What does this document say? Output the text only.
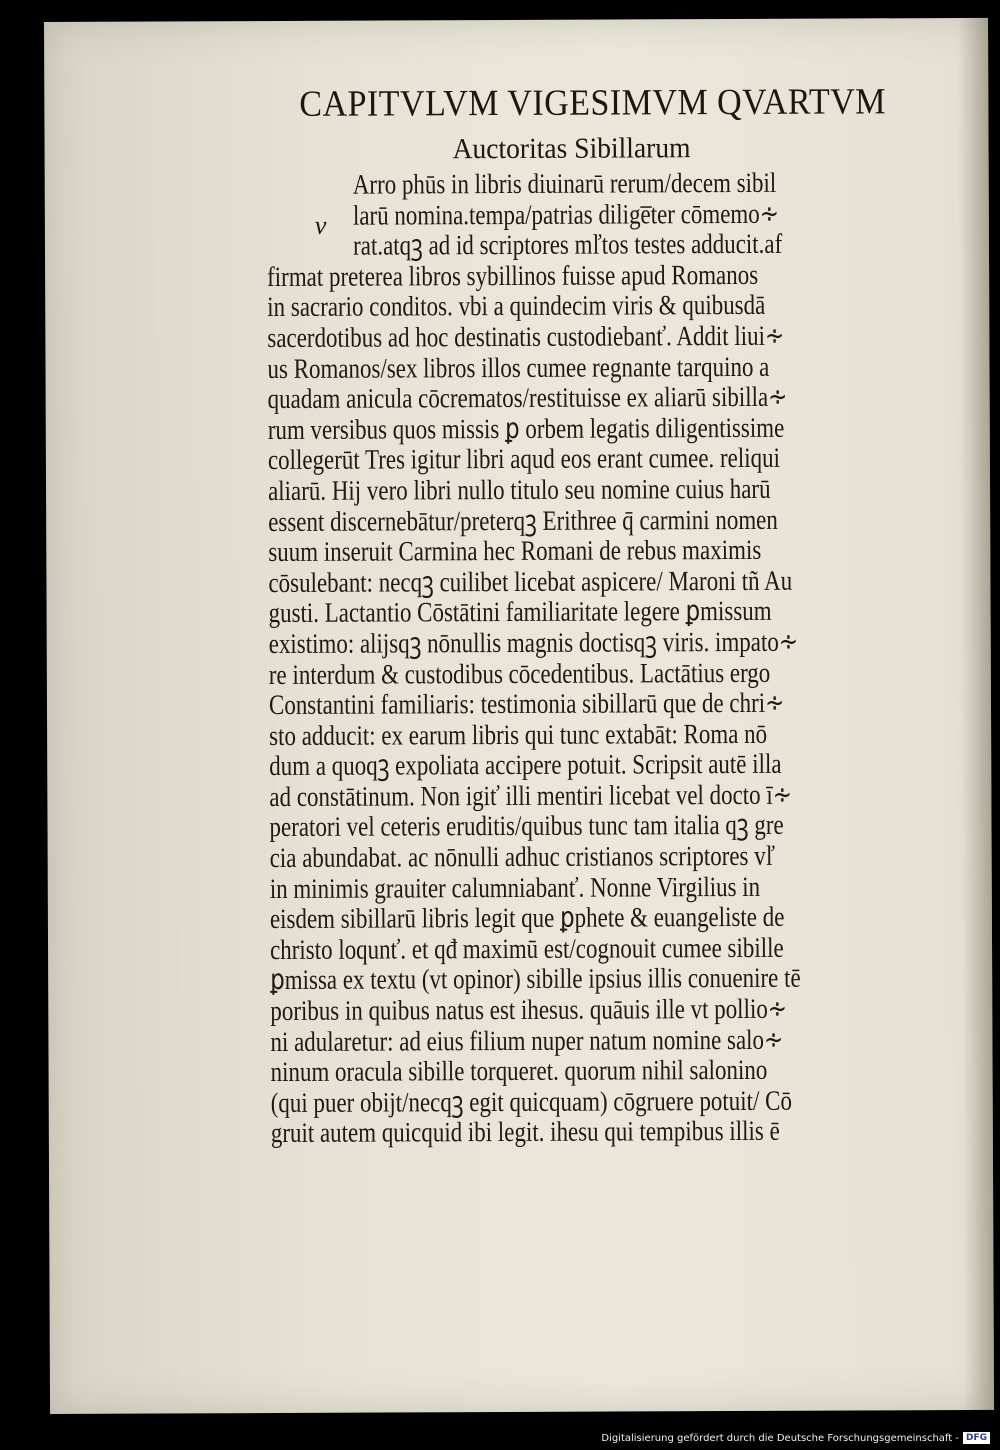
CAPITVLVM VIGESIMVM QVARTVM
Auctoritas Sibillarum
v
Arro phūs in libris diuinarū rerum/decem sibil
larū nomina.tempa/patrias dilige̅ter cōmemo∻
rat.atqꝫ ad id scriptores mľtos testes adducit.af
firmat preterea libros sybillinos fuisse apud Romanos
in sacrario conditos. vbi a quindecim viris & quibusdā
sacerdotibus ad hoc destinatis custodiebanť. Addit liui∻
us Romanos/sex libros illos cumee regnante tarquino a
quadam anicula cōcrematos/restituisse ex aliarū sibilla∻
rum versibus quos missis ꝑ orbem legatis diligentissime
collegerūt Tres igitur libri aqud eos erant cumee. reliqui
aliarū. Hij vero libri nullo titulo seu nomine cuius harū
essent discernebātur/preterqꝫ Erithree q̄ carmini nomen
suum inseruit Carmina hec Romani de rebus maximis
cōsulebant: necqꝫ cuilibet licebat aspicere/ Maroni tñ Au
gusti. Lactantio Cōstātini familiaritate legere ꝑmissum
existimo: alijsqꝫ nōnullis magnis doctisqꝫ viris. impato∻
re interdum & custodibus cōcedentibus. Lactātius ergo
Constantini familiaris: testimonia sibillarū que de chri∻
sto adducit: ex earum libris qui tunc extabāt: Roma nō
dum a quoqꝫ expoliata accipere potuit. Scripsit autē illa
ad constātinum. Non igiť illi mentiri licebat vel docto ī∻
peratori vel ceteris eruditis/quibus tunc tam italia qꝫ gre
cia abundabat. ac nōnulli adhuc cristianos scriptores vľ
in minimis grauiter calumniabanť. Nonne Virgilius in
eisdem sibillarū libris legit que ꝑphete & euangeliste de
christo loqunť. et qđ maximū est/cognouit cumee sibille
ꝑmissa ex textu (vt opinor) sibille ipsius illis conuenire tē
poribus in quibus natus est ihesus. quāuis ille vt pollio∻
ni adularetur: ad eius filium nuper natum nomine salo∻
ninum oracula sibille torqueret. quorum nihil salonino
(qui puer obijt/necqꝫ egit quicquam) cōgruere potuit/ Cō
gruit autem quicquid ibi legit. ihesu qui tempibus illis ē
Digitalisierung gefördert durch die Deutsche Forschungsgemeinschaft - DFG
